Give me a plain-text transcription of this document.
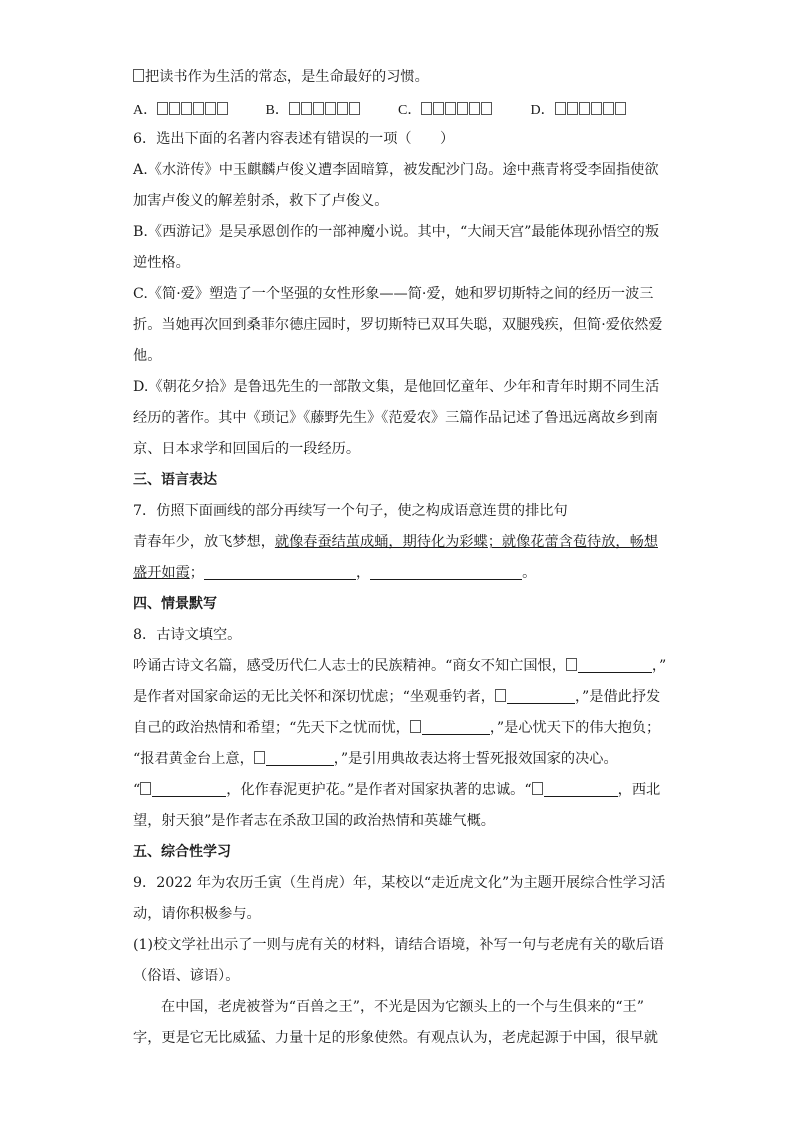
把读书作为生活的常态，是生命最好的习惯。

A．	B．	C．	D．

6．选出下面的名著内容表述有错误的一项（　　）

A.《水浒传》中玉麒麟卢俊义遭李固暗算，被发配沙门岛。途中燕青将受李固指使欲

加害卢俊义的解差射杀，救下了卢俊义。

B.《西游记》是吴承恩创作的一部神魔小说。其中，“大闹天宫”最能体现孙悟空的叛

逆性格。

C.《简·爱》塑造了一个坚强的女性形象——简·爱，她和罗切斯特之间的经历一波三

折。当她再次回到桑菲尔德庄园时，罗切斯特已双耳失聪，双腿残疾，但简·爱依然爱

他。

D.《朝花夕拾》是鲁迅先生的一部散文集，是他回忆童年、少年和青年时期不同生活

经历的著作。其中《琐记》《藤野先生》《范爱农》三篇作品记述了鲁迅远离故乡到南

京、日本求学和回国后的一段经历。

三、语言表达

7．仿照下面画线的部分再续写一个句子，使之构成语意连贯的排比句

青春年少，放飞梦想，就像春蚕结茧成蛹，期待化为彩蝶；就像花蕾含苞待放，畅想

盛开如霞；	，	。

四、情景默写

8．古诗文填空。

吟诵古诗文名篇，感受历代仁人志士的民族精神。“商女不知亡国恨，	，”

是作者对国家命运的无比关怀和深切忧虑；“坐观垂钓者，	，”是借此抒发

自己的政治热情和希望；“先天下之忧而忧，	，”是心忧天下的伟大抱负；

“报君黄金台上意，	，”是引用典故表达将士誓死报效国家的决心。

“	，化作春泥更护花。”是作者对国家执著的忠诚。“	，西北

望，射天狼”是作者志在杀敌卫国的政治热情和英雄气概。

五、综合性学习

9．2022 年为农历壬寅（生肖虎）年，某校以“走近虎文化”为主题开展综合性学习活

动，请你积极参与。

(1)校文学社出示了一则与虎有关的材料，请结合语境，补写一句与老虎有关的歇后语

（俗语、谚语）。

在中国，老虎被誉为“百兽之王”，不光是因为它额头上的一个与生俱来的“王”

字，更是它无比威猛、力量十足的形象使然。有观点认为，老虎起源于中国，很早就
